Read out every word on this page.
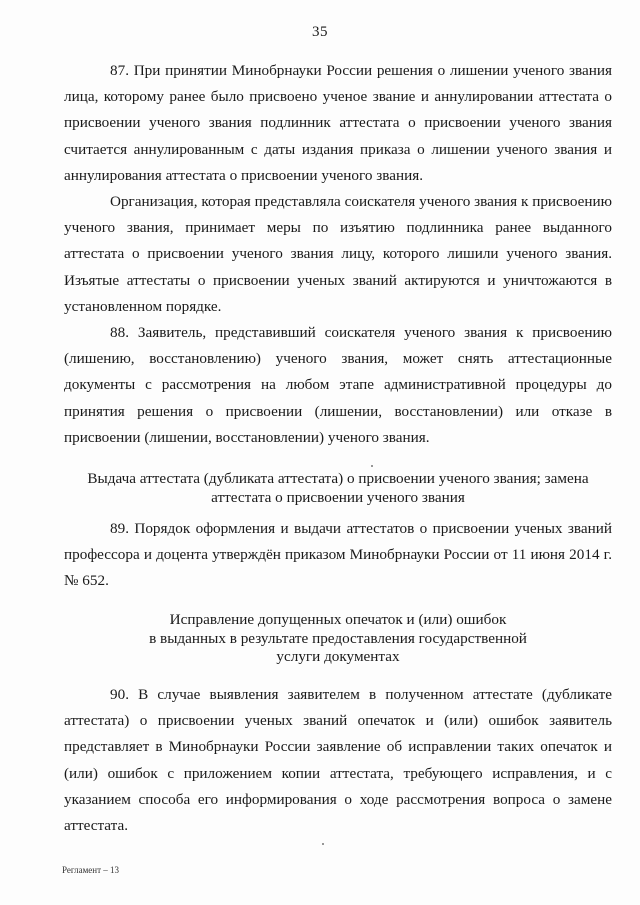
35

87. При принятии Минобрнауки России решения о лишении ученого звания лица, которому ранее было присвоено ученое звание и аннулировании аттестата о присвоении ученого звания подлинник аттестата о присвоении ученого звания считается аннулированным с даты издания приказа о лишении ученого звания и аннулирования аттестата о присвоении ученого звания.

Организация, которая представляла соискателя ученого звания к присвоению ученого звания, принимает меры по изъятию подлинника ранее выданного аттестата о присвоении ученого звания лицу, которого лишили ученого звания. Изъятые аттестаты о присвоении ученых званий актируются и уничтожаются в установленном порядке.

88. Заявитель, представивший соискателя ученого звания к присвоению (лишению, восстановлению) ученого звания, может снять аттестационные документы с рассмотрения на любом этапе административной процедуры до принятия решения о присвоении (лишении, восстановлении) или отказе в присвоении (лишении, восстановлении) ученого звания.

Выдача аттестата (дубликата аттестата) о присвоении ученого звания; замена
аттестата о присвоении ученого звания

89. Порядок оформления и выдачи аттестатов о присвоении ученых званий профессора и доцента утверждён приказом Минобрнауки России от 11 июня 2014 г. № 652.

Исправление допущенных опечаток и (или) ошибок
в выданных в результате предоставления государственной
услуги документах

90. В случае выявления заявителем в полученном аттестате (дубликате аттестата) о присвоении ученых званий опечаток и (или) ошибок заявитель представляет в Минобрнауки России заявление об исправлении таких опечаток и (или) ошибок с приложением копии аттестата, требующего исправления, и с указанием способа его информирования о ходе рассмотрения вопроса о замене аттестата.

Регламент – 13
